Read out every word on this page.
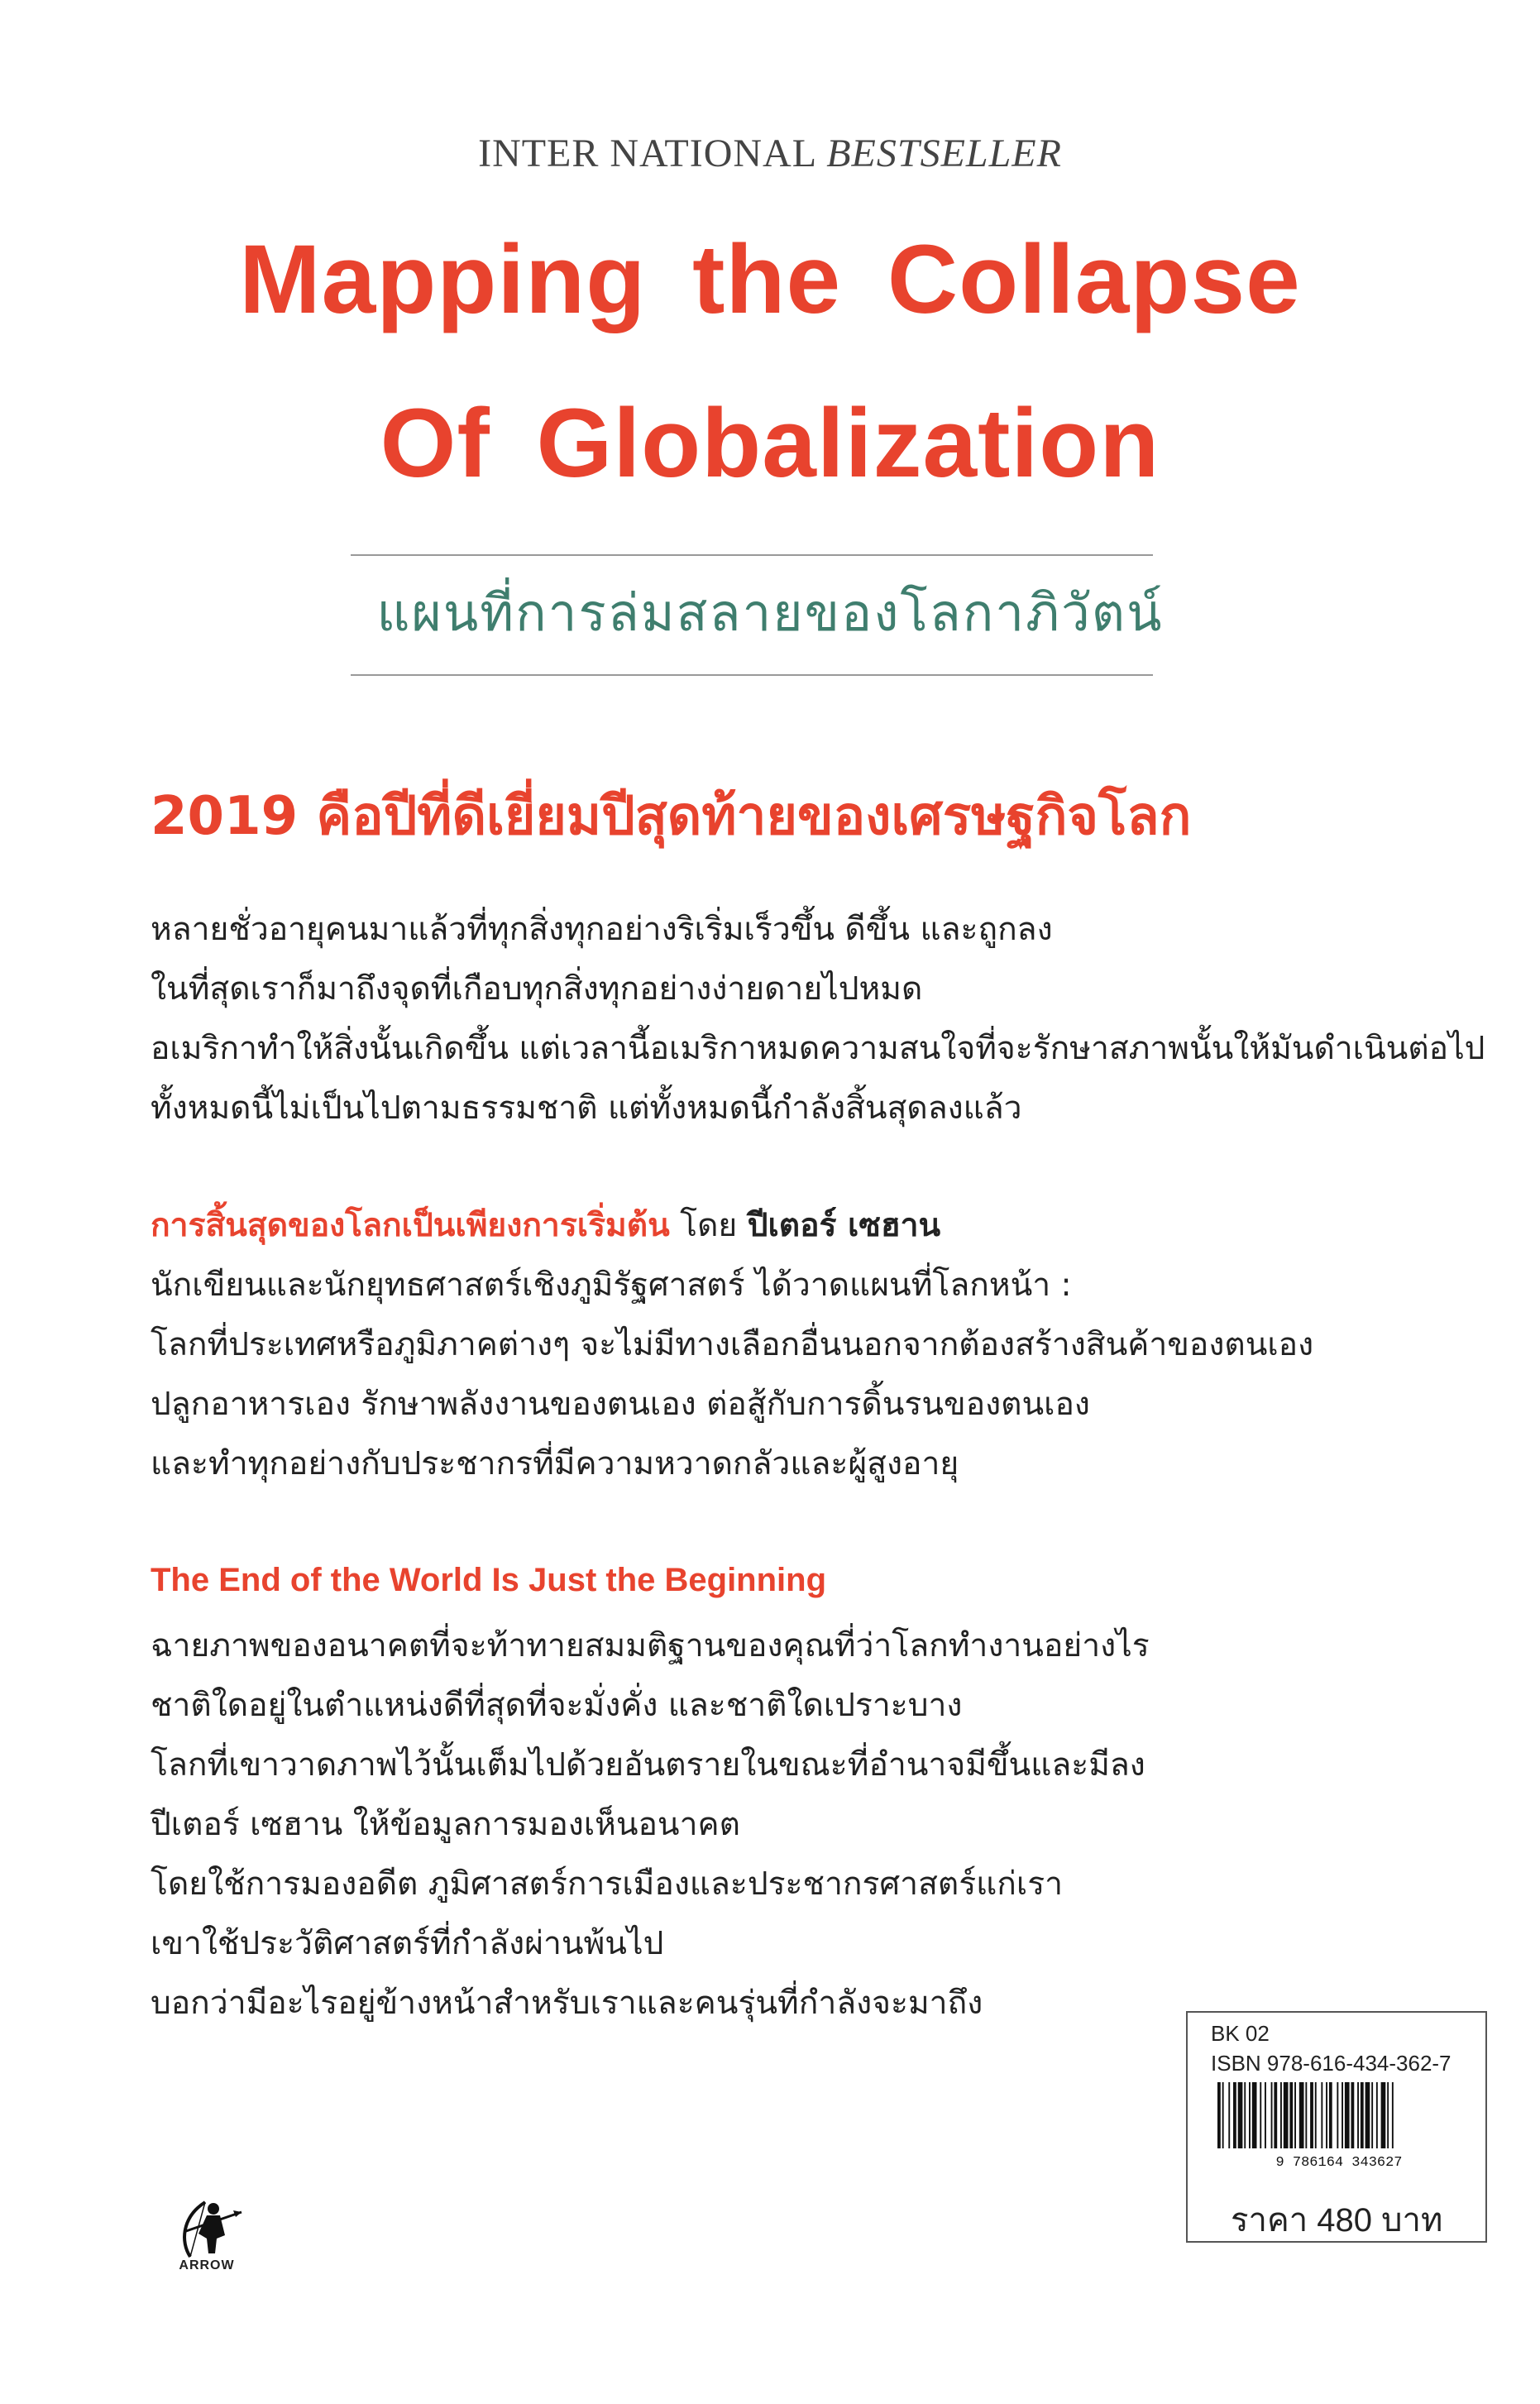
INTER NATIONAL BESTSELLER
Mapping the Collapse
Of Globalization
แผนที่การล่มสลายของโลกาภิวัตน์
2019 คือปีที่ดีเยี่ยมปีสุดท้ายของเศรษฐกิจโลก
หลายชั่วอายุคนมาแล้วที่ทุกสิ่งทุกอย่างริเริ่มเร็วขึ้น ดีขึ้น และถูกลง
ในที่สุดเราก็มาถึงจุดที่เกือบทุกสิ่งทุกอย่างง่ายดายไปหมด
อเมริกาทำให้สิ่งนั้นเกิดขึ้น แต่เวลานี้อเมริกาหมดความสนใจที่จะรักษาสภาพนั้นให้มันดำเนินต่อไป
ทั้งหมดนี้ไม่เป็นไปตามธรรมชาติ แต่ทั้งหมดนี้กำลังสิ้นสุดลงแล้ว
การสิ้นสุดของโลกเป็นเพียงการเริ่มต้น โดย ปีเตอร์ เซฮาน
นักเขียนและนักยุทธศาสตร์เชิงภูมิรัฐศาสตร์ ได้วาดแผนที่โลกหน้า :
โลกที่ประเทศหรือภูมิภาคต่างๆ จะไม่มีทางเลือกอื่นนอกจากต้องสร้างสินค้าของตนเอง
ปลูกอาหารเอง รักษาพลังงานของตนเอง ต่อสู้กับการดิ้นรนของตนเอง
และทำทุกอย่างกับประชากรที่มีความหวาดกลัวและผู้สูงอายุ
The End of the World Is Just the Beginning
ฉายภาพของอนาคตที่จะท้าทายสมมติฐานของคุณที่ว่าโลกทำงานอย่างไร
ชาติใดอยู่ในตำแหน่งดีที่สุดที่จะมั่งคั่ง และชาติใดเปราะบาง
โลกที่เขาวาดภาพไว้นั้นเต็มไปด้วยอันตรายในขณะที่อำนาจมีขึ้นและมีลง
ปีเตอร์ เซฮาน ให้ข้อมูลการมองเห็นอนาคต
โดยใช้การมองอดีต ภูมิศาสตร์การเมืองและประชากรศาสตร์แก่เรา
เขาใช้ประวัติศาสตร์ที่กำลังผ่านพ้นไป
บอกว่ามีอะไรอยู่ข้างหน้าสำหรับเราและคนรุ่นที่กำลังจะมาถึง
BK 02
ISBN 978-616-434-362-7
9 786164 343627
ราคา 480 บาท
ARROW
